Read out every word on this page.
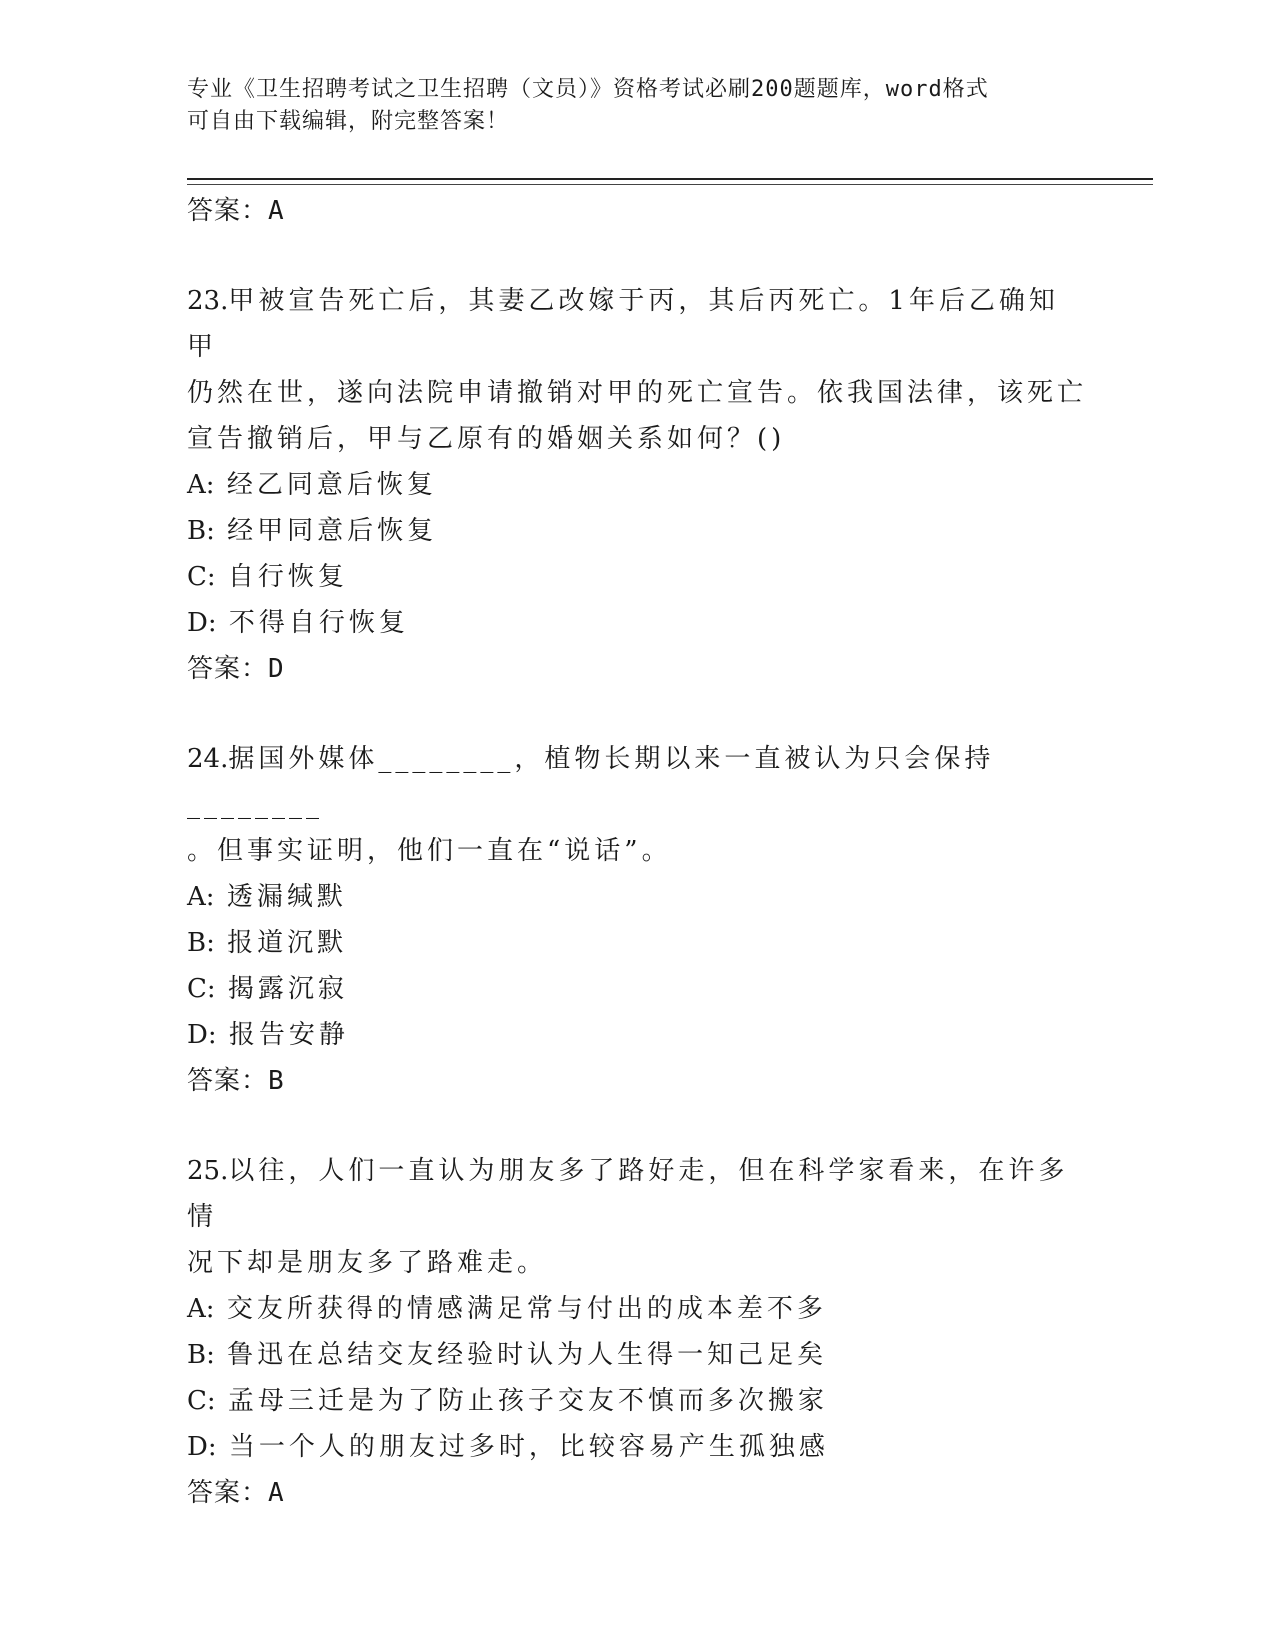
专业《卫生招聘考试之卫生招聘（文员）》资格考试必刷200题题库，word格式
可自由下载编辑，附完整答案！
答案：A
23.甲被宣告死亡后，其妻乙改嫁于丙，其后丙死亡。1年后乙确知甲
仍然在世，遂向法院申请撤销对甲的死亡宣告。依我国法律，该死亡
宣告撤销后，甲与乙原有的婚姻关系如何？()
A: 经乙同意后恢复
B: 经甲同意后恢复
C: 自行恢复
D: 不得自行恢复
答案：D
24.据国外媒体________，植物长期以来一直被认为只会保持________
。但事实证明，他们一直在“说话”。
A: 透漏缄默
B: 报道沉默
C: 揭露沉寂
D: 报告安静
答案：B
25.以往，人们一直认为朋友多了路好走，但在科学家看来，在许多情
况下却是朋友多了路难走。
A: 交友所获得的情感满足常与付出的成本差不多
B: 鲁迅在总结交友经验时认为人生得一知己足矣
C: 孟母三迁是为了防止孩子交友不慎而多次搬家
D: 当一个人的朋友过多时，比较容易产生孤独感
答案：A
